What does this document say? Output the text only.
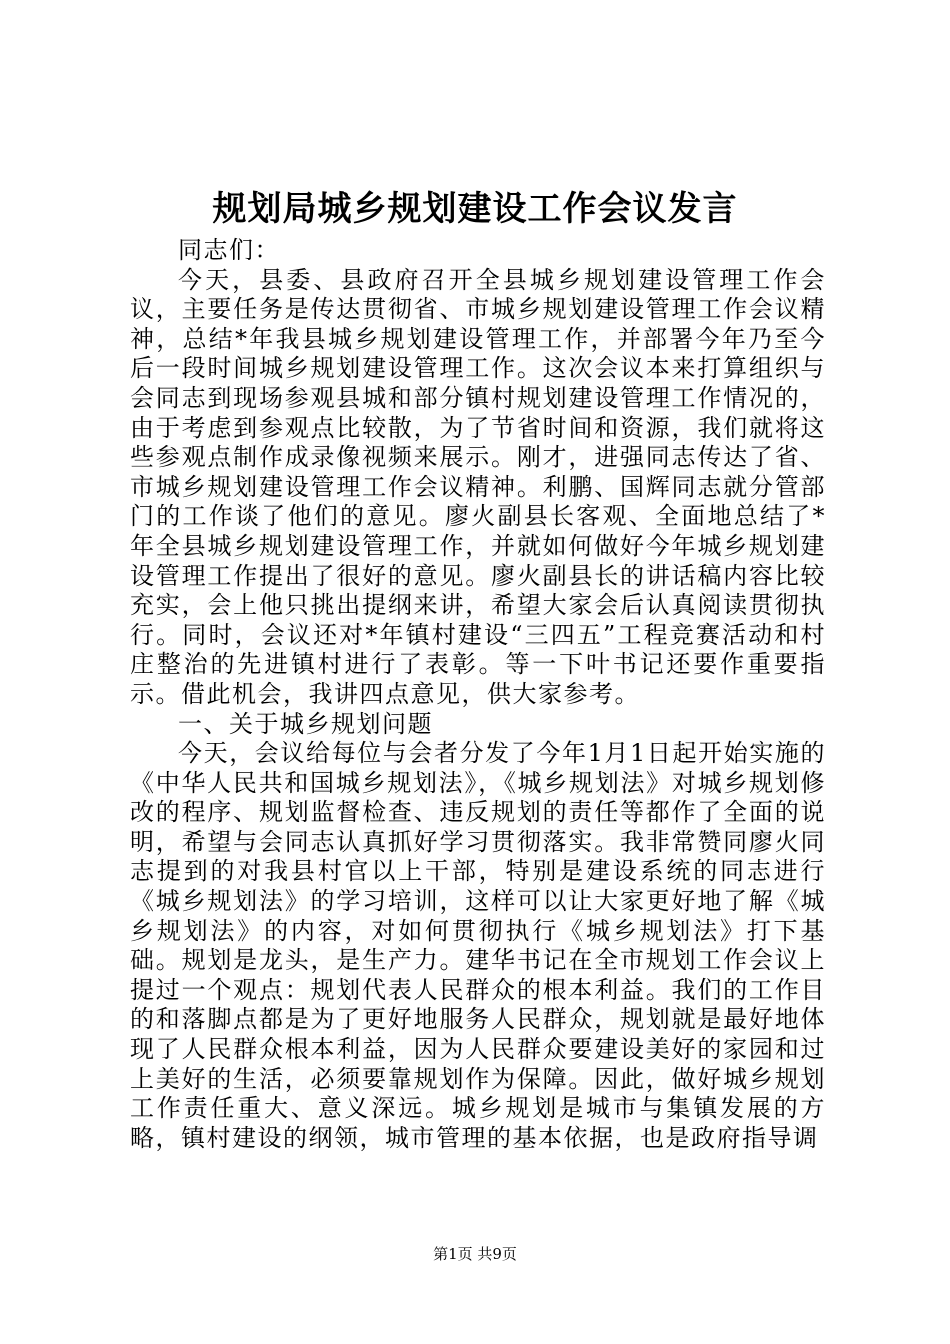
规划局城乡规划建设工作会议发言

同志们：

今天，县委、县政府召开全县城乡规划建设管理工作会议，主要任务是传达贯彻省、市城乡规划建设管理工作会议精神，总结*年我县城乡规划建设管理工作，并部署今年乃至今后一段时间城乡规划建设管理工作。这次会议本来打算组织与会同志到现场参观县城和部分镇村规划建设管理工作情况的，由于考虑到参观点比较散，为了节省时间和资源，我们就将这些参观点制作成录像视频来展示。刚才，进强同志传达了省、市城乡规划建设管理工作会议精神。利鹏、国辉同志就分管部门的工作谈了他们的意见。廖火副县长客观、全面地总结了*年全县城乡规划建设管理工作，并就如何做好今年城乡规划建设管理工作提出了很好的意见。廖火副县长的讲话稿内容比较充实，会上他只挑出提纲来讲，希望大家会后认真阅读贯彻执行。同时，会议还对*年镇村建设“三四五”工程竞赛活动和村庄整治的先进镇村进行了表彰。等一下叶书记还要作重要指示。借此机会，我讲四点意见，供大家参考。

一、关于城乡规划问题

今天，会议给每位与会者分发了今年1月1日起开始实施的《中华人民共和国城乡规划法》，《城乡规划法》对城乡规划修改的程序、规划监督检查、违反规划的责任等都作了全面的说明，希望与会同志认真抓好学习贯彻落实。我非常赞同廖火同志提到的对我县村官以上干部，特别是建设系统的同志进行《城乡规划法》的学习培训，这样可以让大家更好地了解《城乡规划法》的内容，对如何贯彻执行《城乡规划法》打下基础。规划是龙头，是生产力。建华书记在全市规划工作会议上提过一个观点：规划代表人民群众的根本利益。我们的工作目的和落脚点都是为了更好地服务人民群众，规划就是最好地体现了人民群众根本利益，因为人民群众要建设美好的家园和过上美好的生活，必须要靠规划作为保障。因此，做好城乡规划工作责任重大、意义深远。城乡规划是城市与集镇发展的方略，镇村建设的纲领，城市管理的基本依据，也是政府指导调

第1页 共9页
